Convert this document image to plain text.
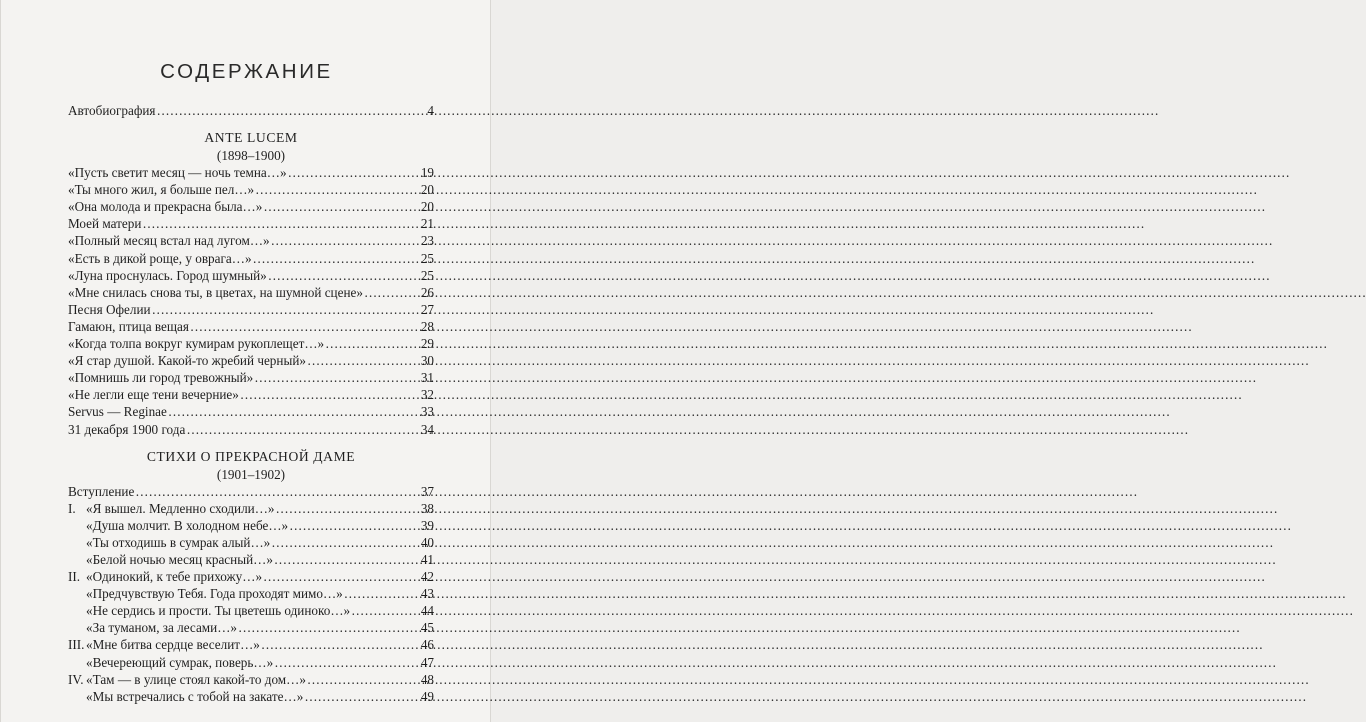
СОДЕРЖАНИЕ
Автобиография …………………………………………………………………………………………………………………………………………………………………………………………………………	4
ANTE LUCEM
(1898–1900)
«Пусть светит месяц — ночь темна…» …………………………………………………………………………………………………………………………………………………………………………………………………………	19
«Ты много жил, я больше пел…» …………………………………………………………………………………………………………………………………………………………………………………………………………	20
«Она молода и прекрасна была…» …………………………………………………………………………………………………………………………………………………………………………………………………………	20
Моей матери …………………………………………………………………………………………………………………………………………………………………………………………………………	21
«Полный месяц встал над лугом…» …………………………………………………………………………………………………………………………………………………………………………………………………………	23
«Есть в дикой роще, у оврага…» …………………………………………………………………………………………………………………………………………………………………………………………………………	25
«Луна проснулась. Город шумный» …………………………………………………………………………………………………………………………………………………………………………………………………………	25
«Мне снилась снова ты, в цветах, на шумной сцене» …………………………………………………………………………………………………………………………………………………………………………………………………………	26
Песня Офелии …………………………………………………………………………………………………………………………………………………………………………………………………………	27
Гамаюн, птица вещая …………………………………………………………………………………………………………………………………………………………………………………………………………	28
«Когда толпа вокруг кумирам рукоплещет…» …………………………………………………………………………………………………………………………………………………………………………………………………………	29
«Я стар душой. Какой-то жребий черный» …………………………………………………………………………………………………………………………………………………………………………………………………………	30
«Помнишь ли город тревожный» …………………………………………………………………………………………………………………………………………………………………………………………………………	31
«Не легли еще тени вечерние» …………………………………………………………………………………………………………………………………………………………………………………………………………	32
Servus — Reginae …………………………………………………………………………………………………………………………………………………………………………………………………………	33
31 декабря 1900 года …………………………………………………………………………………………………………………………………………………………………………………………………………	34
СТИХИ О ПРЕКРАСНОЙ ДАМЕ
(1901–1902)
Вступление …………………………………………………………………………………………………………………………………………………………………………………………………………	37
I. «Я вышел. Медленно сходили…» …………………………………………………………………………………………………………………………………………………………………………………………………………	38
«Душа молчит. В холодном небе…» …………………………………………………………………………………………………………………………………………………………………………………………………………	39
«Ты отходишь в сумрак алый…» …………………………………………………………………………………………………………………………………………………………………………………………………………	40
«Белой ночью месяц красный…» …………………………………………………………………………………………………………………………………………………………………………………………………………	41
II. «Одинокий, к тебе прихожу…» …………………………………………………………………………………………………………………………………………………………………………………………………………	42
«Предчувствую Тебя. Года проходят мимо…» …………………………………………………………………………………………………………………………………………………………………………………………………………	43
«Не сердись и прости. Ты цветешь одиноко…» …………………………………………………………………………………………………………………………………………………………………………………………………………	44
«За туманом, за лесами…» …………………………………………………………………………………………………………………………………………………………………………………………………………	45
III. «Мне битва сердце веселит…» …………………………………………………………………………………………………………………………………………………………………………………………………………	46
«Вечереющий сумрак, поверь…» …………………………………………………………………………………………………………………………………………………………………………………………………………	47
IV. «Там — в улице стоял какой-то дом…» …………………………………………………………………………………………………………………………………………………………………………………………………………	48
«Мы встречались с тобой на закате…» …………………………………………………………………………………………………………………………………………………………………………………………………………	49
